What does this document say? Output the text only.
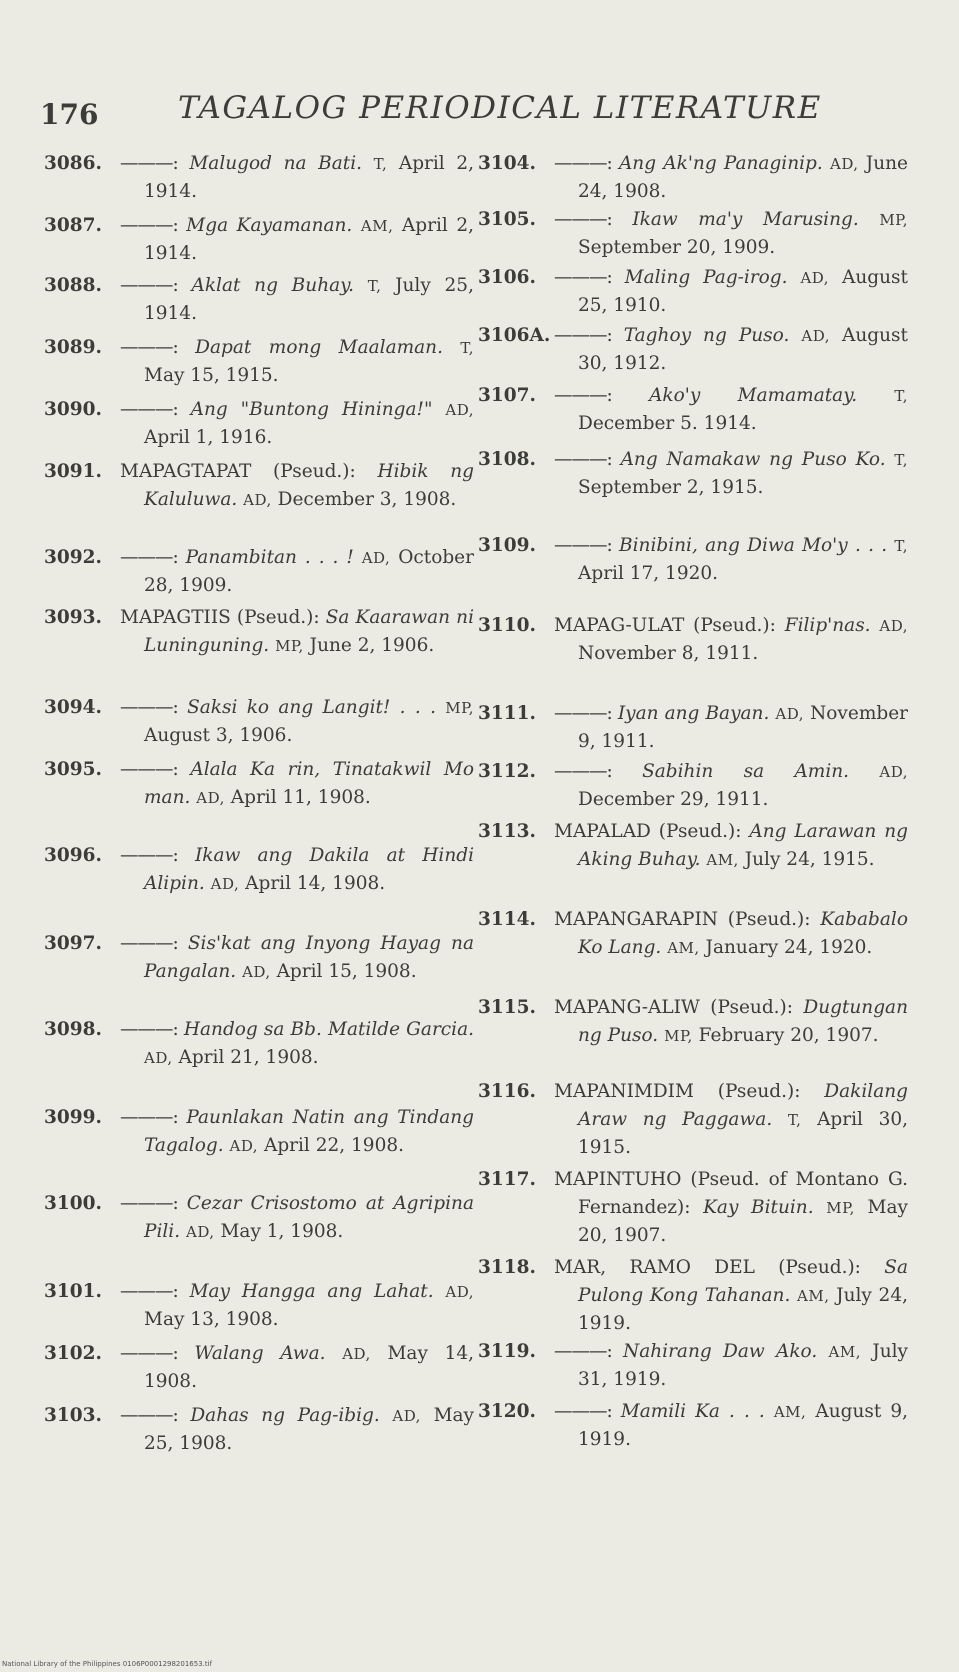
176	TAGALOG PERIODICAL LITERATURE
3086. ———: Malugod na Bati. T, April 2, 1914.
3087. ———: Mga Kayamanan. AM, April 2, 1914.
3088. ———: Aklat ng Buhay. T, July 25, 1914.
3089. ———: Dapat mong Maalaman. T, May 15, 1915.
3090. ———: Ang "Buntong Hininga!" AD, April 1, 1916.
3091. MAPAGTAPAT (Pseud.): Hibik ng Kaluluwa. AD, December 3, 1908.
3092. ———: Panambitan . . . ! AD, October 28, 1909.
3093. MAPAGTIIS (Pseud.): Sa Kaarawan ni Luninguning. MP, June 2, 1906.
3094. ———: Saksi ko ang Langit! . . . MP, August 3, 1906.
3095. ———: Alala Ka rin, Tinatakwil Mo man. AD, April 11, 1908.
3096. ———: Ikaw ang Dakila at Hindi Alipin. AD, April 14, 1908.
3097. ———: Sis'kat ang Inyong Hayag na Pangalan. AD, April 15, 1908.
3098. ———: Handog sa Bb. Matilde Garcia. AD, April 21, 1908.
3099. ———: Paunlakan Natin ang Tindang Tagalog. AD, April 22, 1908.
3100. ———: Cezar Crisostomo at Agripina Pili. AD, May 1, 1908.
3101. ———: May Hangga ang Lahat. AD, May 13, 1908.
3102. ———: Walang Awa. AD, May 14, 1908.
3103. ———: Dahas ng Pag-ibig. AD, May 25, 1908.
3104. ———: Ang Ak'ng Panaginip. AD, June 24, 1908.
3105. ———: Ikaw ma'y Marusing. MP, September 20, 1909.
3106. ———: Maling Pag-irog. AD, August 25, 1910.
3106A. ———: Taghoy ng Puso. AD, August 30, 1912.
3107. ———: Ako'y Mamamatay. T, December 5. 1914.
3108. ———: Ang Namakaw ng Puso Ko. T, September 2, 1915.
3109. ———: Binibini, ang Diwa Mo'y . . . T, April 17, 1920.
3110. MAPAG-ULAT (Pseud.): Filip'nas. AD, November 8, 1911.
3111. ———: Iyan ang Bayan. AD, November 9, 1911.
3112. ———: Sabihin sa Amin. AD, December 29, 1911.
3113. MAPALAD (Pseud.): Ang Larawan ng Aking Buhay. AM, July 24, 1915.
3114. MAPANGARAPIN (Pseud.): Kababalo Ko Lang. AM, January 24, 1920.
3115. MAPANG-ALIW (Pseud.): Dugtungan ng Puso. MP, February 20, 1907.
3116. MAPANIMDIM (Pseud.): Dakilang Araw ng Paggawa. T, April 30, 1915.
3117. MAPINTUHO (Pseud. of Montano G. Fernandez): Kay Bituin. MP, May 20, 1907.
3118. MAR, RAMO DEL (Pseud.): Sa Pulong Kong Tahanan. AM, July 24, 1919.
3119. ———: Nahirang Daw Ako. AM, July 31, 1919.
3120. ———: Mamili Ka . . . AM, August 9, 1919.
National Library of the Philippines 0106P0001298201653.tif
